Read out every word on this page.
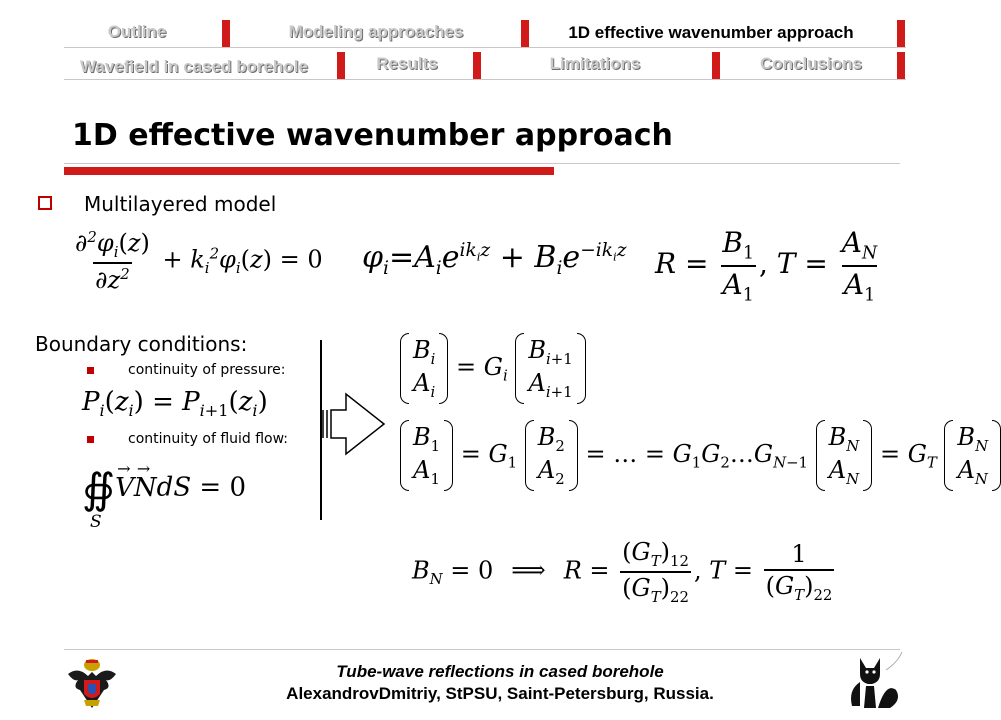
Outline	Modeling approaches	1D effective wavenumber approach
Wavefield in cased borehole	Results	Limitations	Conclusions
1D effective wavenumber approach
Multilayered model
$\frac{\partial^2\varphi_i(z)}{\partial z^2} + k_i^2\varphi_i(z) = 0$ $\varphi_i=A_ie^{ik_iz} + B_ie^{-ik_iz}$ $R = \frac{B_1}{A_1}$ , $T = \frac{A_N}{A_1}$
Boundary conditions:
continuity of pressure:
$P_i(z_i) = P_{i+1}(z_i)$
continuity of fluid flow:
∯V
→
N
→
dS = 0
S
$B_i$
$A_i$
= $G_i$
$B_{i+1}$
$A_{i+1}$
$B_1$
$A_1$
= $G_1$
$B_2$
$A_2$
= … = $G_1G_2\dots G_{N-1}$
$B_N$
$A_N$
= $G_T$
$B_N$
$A_N$
$B_N = 0$ ⟹ $R = \frac{(G_T)_{12}}{(G_T)_{22}}$ , $T = \frac{1}{(G_T)_{22}}$
Tube-wave reflections in cased borehole
AlexandrovDmitriy, StPSU, Saint-Petersburg, Russia.
